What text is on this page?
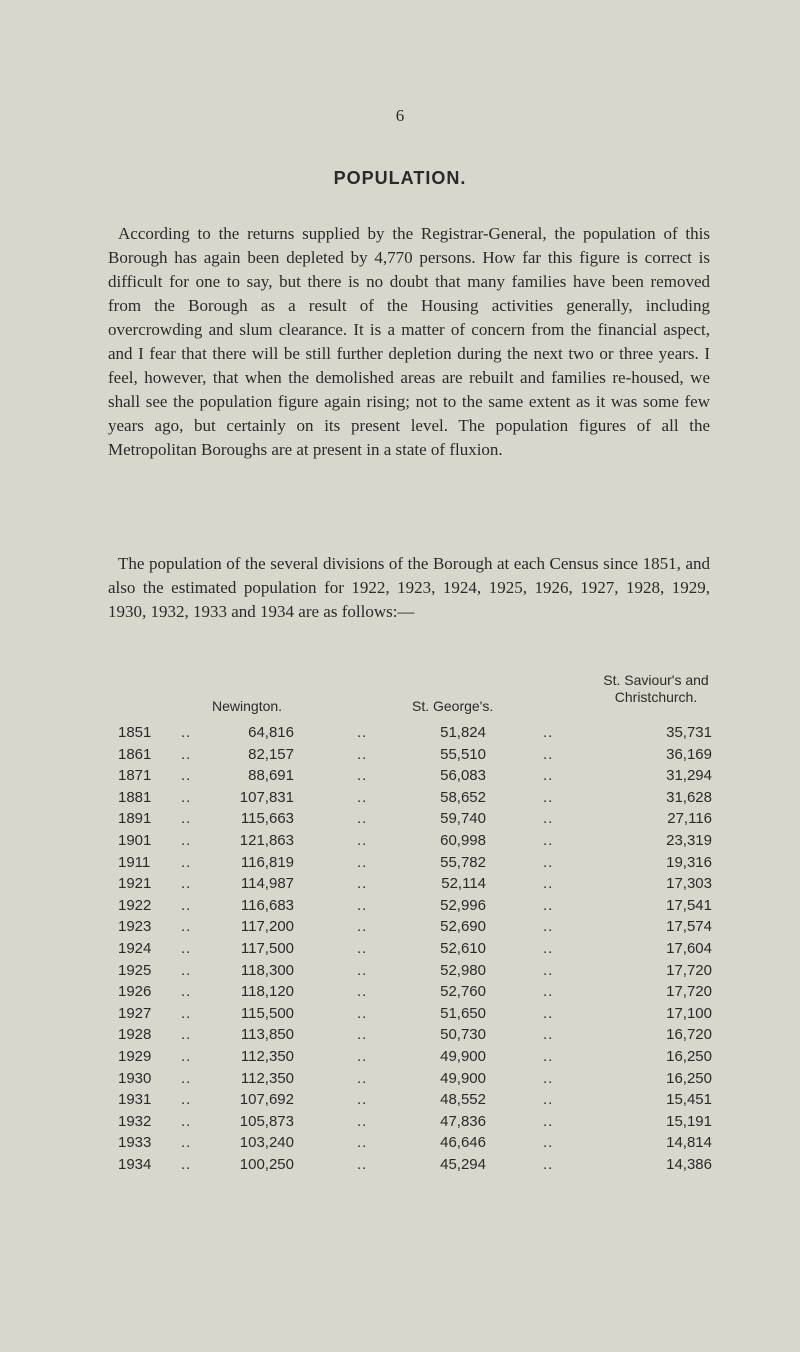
6
POPULATION.

According to the returns supplied by the Registrar-General, the population of this Borough has again been depleted by 4,770 persons. How far this figure is correct is difficult for one to say, but there is no doubt that many families have been removed from the Borough as a result of the Housing activities generally, including overcrowding and slum clearance. It is a matter of concern from the financial aspect, and I fear that there will be still further depletion during the next two or three years. I feel, however, that when the demolished areas are rebuilt and families re-housed, we shall see the population figure again rising; not to the same extent as it was some few years ago, but certainly on its present level. The population figures of all the Metropolitan Boroughs are at present in a state of fluxion.

The population of the several divisions of the Borough at each Census since 1851, and also the estimated population for 1922, 1923, 1924, 1925, 1926, 1927, 1928, 1929, 1930, 1932, 1933 and 1934 are as follows:—

Newington.	St. George's.
St. Saviour's and Christchurch.
1851 ..	64,816	..	51,824	..	35,731
1861 ..	82,157	..	55,510	..	36,169
1871 ..	88,691	..	56,083	..	31,294
1881 ..	107,831	..	58,652	..	31,628
1891 ..	115,663	..	59,740	..	27,116
1901 ..	121,863	..	60,998	..	23,319
1911 ..	116,819	..	55,782	..	19,316
1921 ..	114,987	..	52,114	..	17,303
1922 ..	116,683	..	52,996	..	17,541
1923 ..	117,200	..	52,690	..	17,574
1924 ..	117,500	..	52,610	..	17,604
1925 ..	118,300	..	52,980	..	17,720
1926 ..	118,120	..	52,760	..	17,720
1927 ..	115,500	..	51,650	..	17,100
1928 ..	113,850	..	50,730	..	16,720
1929 ..	112,350	..	49,900	..	16,250
1930 ..	112,350	..	49,900	..	16,250
1931 ..	107,692	..	48,552	..	15,451
1932 ..	105,873	..	47,836	..	15,191
1933 ..	103,240	..	46,646	..	14,814
1934 ..	100,250	..	45,294	..	14,386
